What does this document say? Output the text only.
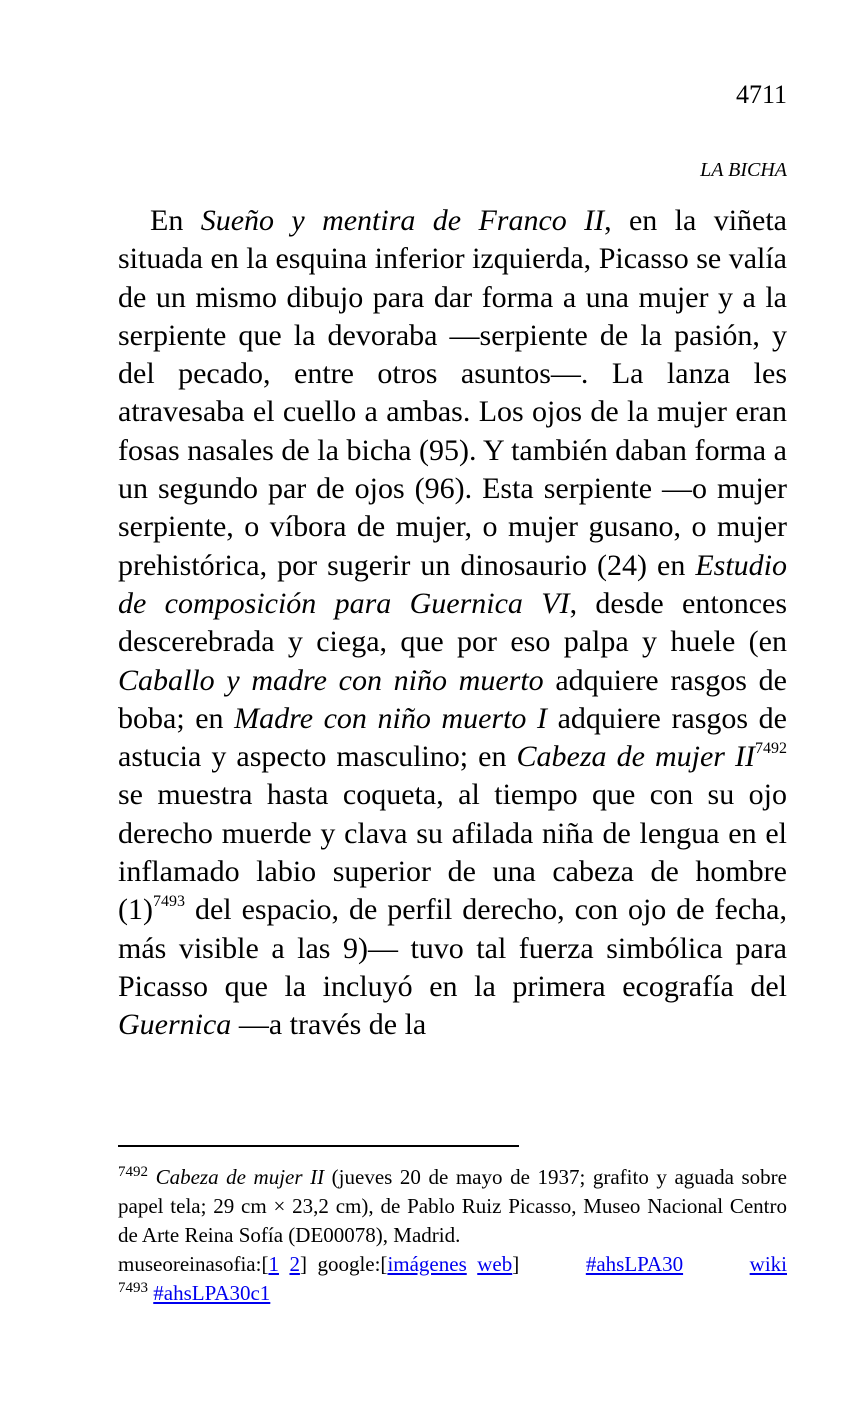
4711
LA BICHA

En Sueño y mentira de Franco II, en la viñeta situada en la esquina inferior izquierda, Picasso se valía de un mismo dibujo para dar forma a una mujer y a la serpiente que la devoraba —serpiente de la pasión, y del pecado, entre otros asuntos—. La lanza les atravesaba el cuello a ambas. Los ojos de la mujer eran fosas nasales de la bicha (95). Y también daban forma a un segundo par de ojos (96). Esta serpiente —o mujer serpiente, o víbora de mujer, o mujer gusano, o mujer prehistórica, por sugerir un dinosaurio (24) en Estudio de composición para Guernica VI, desde entonces descerebrada y ciega, que por eso palpa y huele (en Caballo y madre con niño muerto adquiere rasgos de boba; en Madre con niño muerto I adquiere rasgos de astucia y aspecto masculino; en Cabeza de mujer II$^{7492}$ se muestra hasta coqueta, al tiempo que con su ojo derecho muerde y clava su afilada niña de lengua en el inflamado labio superior de una cabeza de hombre (1)$^{7493}$ del espacio, de perfil derecho, con ojo de fecha, más visible a las 9)— tuvo tal fuerza simbólica para Picasso que la incluyó en la primera ecografía del Guernica —a través de la

$^{7492}$ Cabeza de mujer II (jueves 20 de mayo de 1937; grafito y aguada sobre papel tela; 29 cm × 23,2 cm), de Pablo Ruiz Picasso, Museo Nacional Centro de Arte Reina Sofía (DE00078), Madrid.

museoreinasofia:[1 2]  google:[imágenes web]	#ahsLPA30	wiki

$^{7493}$ #ahsLPA30c1
